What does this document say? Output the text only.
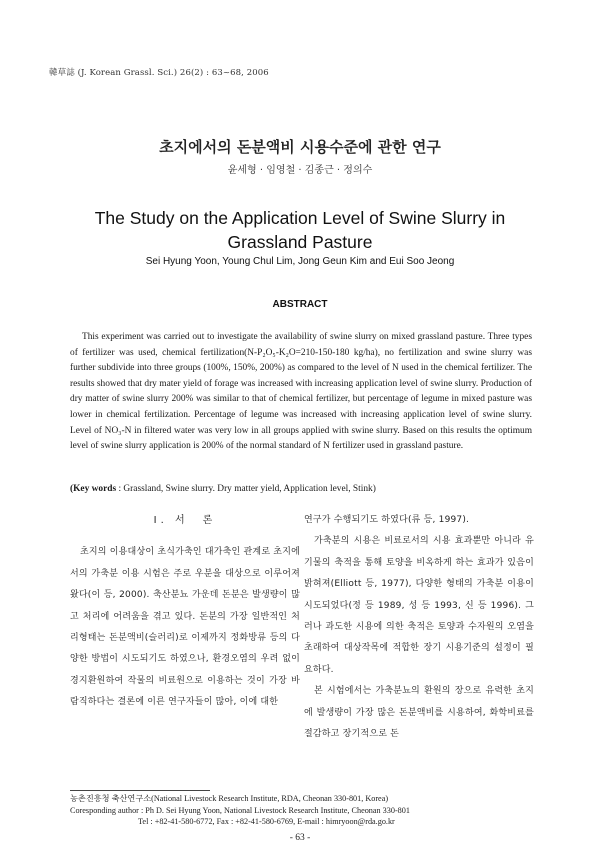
韓草誌 (J. Korean Grassl. Sci.) 26(2) : 63~68, 2006
초지에서의 돈분액비 시용수준에 관한 연구
윤세형 · 임영철 · 김종근 · 정의수
The Study on the Application Level of Swine Slurry in
Grassland Pasture
Sei Hyung Yoon, Young Chul Lim, Jong Geun Kim and Eui Soo Jeong
ABSTRACT
This experiment was carried out to investigate the availability of swine slurry on mixed grassland pasture. Three types of fertilizer was used, chemical fertilization(N-P₂O₅-K₂O=210-150-180 kg/ha), no fertilization and swine slurry was further subdivide into three groups (100%, 150%, 200%) as compared to the level of N used in the chemical fertilizer. The results showed that dry mater yield of forage was increased with increasing application level of swine slurry. Production of dry matter of swine slurry 200% was similar to that of chemical fertilizer, but percentage of legume in mixed pasture was lower in chemical fertilization. Percentage of legume was increased with increasing application level of swine slurry. Level of NO₃-N in filtered water was very low in all groups applied with swine slurry. Based on this results the optimum level of swine slurry application is 200% of the normal standard of N fertilizer used in grassland pasture.
(Key words : Grassland, Swine slurry. Dry matter yield, Application level, Stink)
Ⅰ. 서　론
초지의 이용대상이 초식가축인 대가축인 관계로 초지에서의 가축분 이용 시험은 주로 우분을 대상으로 이루어져 왔다(이 등, 2000). 축산분뇨 가운데 돈분은 발생량이 많고 처리에 어려움을 겪고 있다. 돈분의 가장 일반적인 처리형태는 돈분액비(슬러리)로 이제까지 정화방류 등의 다양한 방법이 시도되기도 하였으나, 환경오염의 우려 없이 경지환원하여 작물의 비료원으로 이용하는 것이 가장 바람직하다는 결론에 이른 연구자들이 많아, 이에 대한
연구가 수행되기도 하였다(류 등, 1997).
가축분의 시용은 비료로서의 시용 효과뿐만 아니라 유기물의 축적을 통해 토양을 비옥하게 하는 효과가 있음이 밝혀져(Elliott 등, 1977), 다양한 형태의 가축분 이용이 시도되었다(정 등 1989, 성 등 1993, 신 등 1996). 그러나 과도한 시용에 의한 축적은 토양과 수자원의 오염을 초래하여 대상작목에 적합한 장기 시용기준의 설정이 필요하다.
본 시험에서는 가축분뇨의 환원의 장으로 유력한 초지에 발생량이 가장 많은 돈분액비를 시용하여, 화학비료를 절감하고 장기적으로 돈
농촌진흥청 축산연구소(National Livestock Research Institute, RDA, Cheonan 330-801, Korea)
Coresponding author : Ph D. Sei Hyung Yoon, National Livestock Research Institute, Cheonan 330-801
Tel : +82-41-580-6772, Fax : +82-41-580-6769, E-mail : himryoon@rda.go.kr
- 63 -
